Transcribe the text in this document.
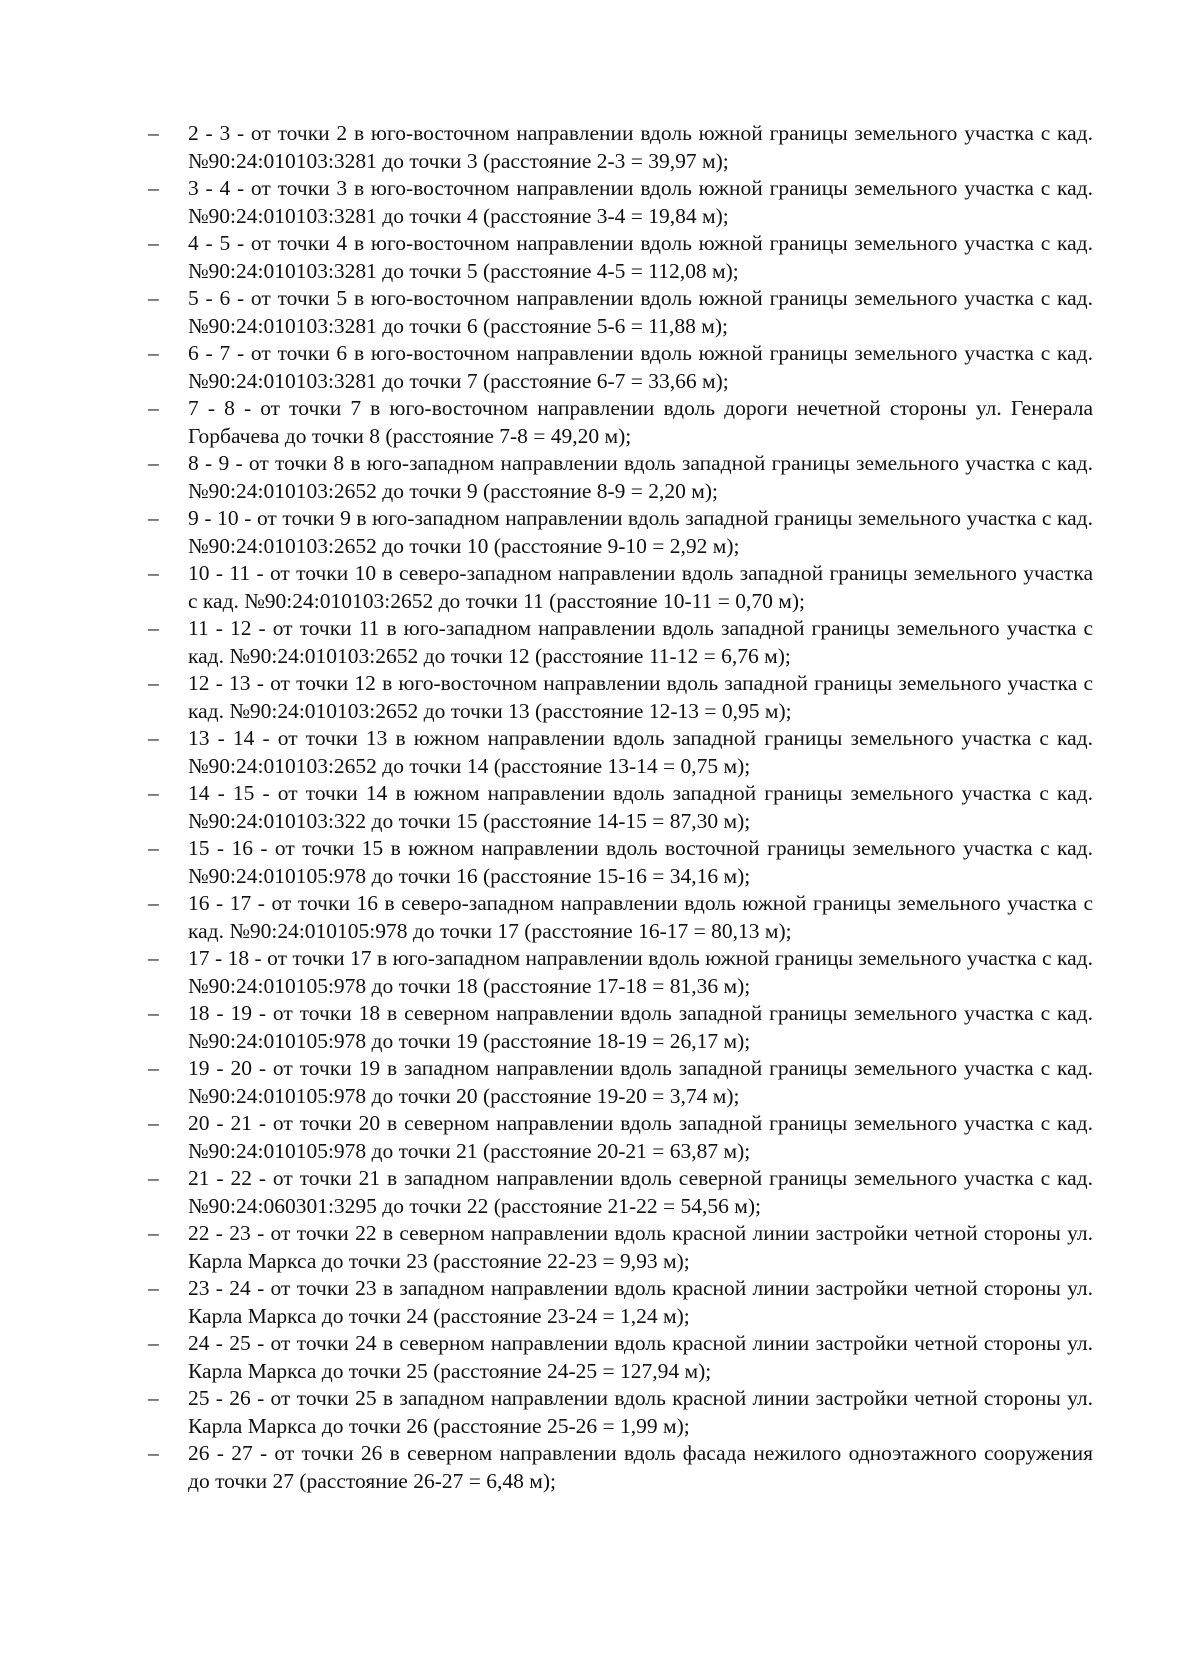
–	2 - 3 - от точки 2 в юго-восточном направлении вдоль южной границы земельного участка с кад. №90:24:010103:3281 до точки 3 (расстояние 2-3 = 39,97 м);
–	3 - 4 - от точки 3 в юго-восточном направлении вдоль южной границы земельного участка с кад. №90:24:010103:3281 до точки 4 (расстояние 3-4 = 19,84 м);
–	4 - 5 - от точки 4 в юго-восточном направлении вдоль южной границы земельного участка с кад. №90:24:010103:3281 до точки 5 (расстояние 4-5 = 112,08 м);
–	5 - 6 - от точки 5 в юго-восточном направлении вдоль южной границы земельного участка с кад. №90:24:010103:3281 до точки 6 (расстояние 5-6 = 11,88 м);
–	6 - 7 - от точки 6 в юго-восточном направлении вдоль южной границы земельного участка с кад. №90:24:010103:3281 до точки 7 (расстояние 6-7 = 33,66 м);
–	7 - 8 - от точки 7 в юго-восточном направлении вдоль дороги нечетной стороны ул. Генерала Горбачева до точки 8 (расстояние 7-8 = 49,20 м);
–	8 - 9 - от точки 8 в юго-западном направлении вдоль западной границы земельного участка с кад. №90:24:010103:2652 до точки 9 (расстояние 8-9 = 2,20 м);
–	9 - 10 - от точки 9 в юго-западном направлении вдоль западной границы земельного участка с кад. №90:24:010103:2652 до точки 10 (расстояние 9-10 = 2,92 м);
–	10 - 11 - от точки 10 в северо-западном направлении вдоль западной границы земельного участка с кад. №90:24:010103:2652 до точки 11 (расстояние 10-11 = 0,70 м);
–	11 - 12 - от точки 11 в юго-западном направлении вдоль западной границы земельного участка с кад. №90:24:010103:2652 до точки 12 (расстояние 11-12 = 6,76 м);
–	12 - 13 - от точки 12 в юго-восточном направлении вдоль западной границы земельного участка с кад. №90:24:010103:2652 до точки 13 (расстояние 12-13 = 0,95 м);
–	13 - 14 - от точки 13 в южном направлении вдоль западной границы земельного участка с кад. №90:24:010103:2652 до точки 14 (расстояние 13-14 = 0,75 м);
–	14 - 15 - от точки 14 в южном направлении вдоль западной границы земельного участка с кад. №90:24:010103:322 до точки 15 (расстояние 14-15 = 87,30 м);
–	15 - 16 - от точки 15 в южном направлении вдоль восточной границы земельного участка с кад. №90:24:010105:978 до точки 16 (расстояние 15-16 = 34,16 м);
–	16 - 17 - от точки 16 в северо-западном направлении вдоль южной границы земельного участка с кад. №90:24:010105:978 до точки 17 (расстояние 16-17 = 80,13 м);
–	17 - 18 - от точки 17 в юго-западном направлении вдоль южной границы земельного участка с кад. №90:24:010105:978 до точки 18 (расстояние 17-18 = 81,36 м);
–	18 - 19 - от точки 18 в северном направлении вдоль западной границы земельного участка с кад. №90:24:010105:978 до точки 19 (расстояние 18-19 = 26,17 м);
–	19 - 20 - от точки 19 в западном направлении вдоль западной границы земельного участка с кад. №90:24:010105:978 до точки 20 (расстояние 19-20 = 3,74 м);
–	20 - 21 - от точки 20 в северном направлении вдоль западной границы земельного участка с кад. №90:24:010105:978 до точки 21 (расстояние 20-21 = 63,87 м);
–	21 - 22 - от точки 21 в западном направлении вдоль северной границы земельного участка с кад. №90:24:060301:3295 до точки 22 (расстояние 21-22 = 54,56 м);
–	22 - 23 - от точки 22 в северном направлении вдоль красной линии застройки четной стороны ул. Карла Маркса до точки 23 (расстояние 22-23 = 9,93 м);
–	23 - 24 - от точки 23 в западном направлении вдоль красной линии застройки четной стороны ул. Карла Маркса до точки 24 (расстояние 23-24 = 1,24 м);
–	24 - 25 - от точки 24 в северном направлении вдоль красной линии застройки четной стороны ул. Карла Маркса до точки 25 (расстояние 24-25 = 127,94 м);
–	25 - 26 - от точки 25 в западном направлении вдоль красной линии застройки четной стороны ул. Карла Маркса до точки 26 (расстояние 25-26 = 1,99 м);
–	26 - 27 - от точки 26 в северном направлении вдоль фасада нежилого одноэтажного сооружения до точки 27 (расстояние 26-27 = 6,48 м);
